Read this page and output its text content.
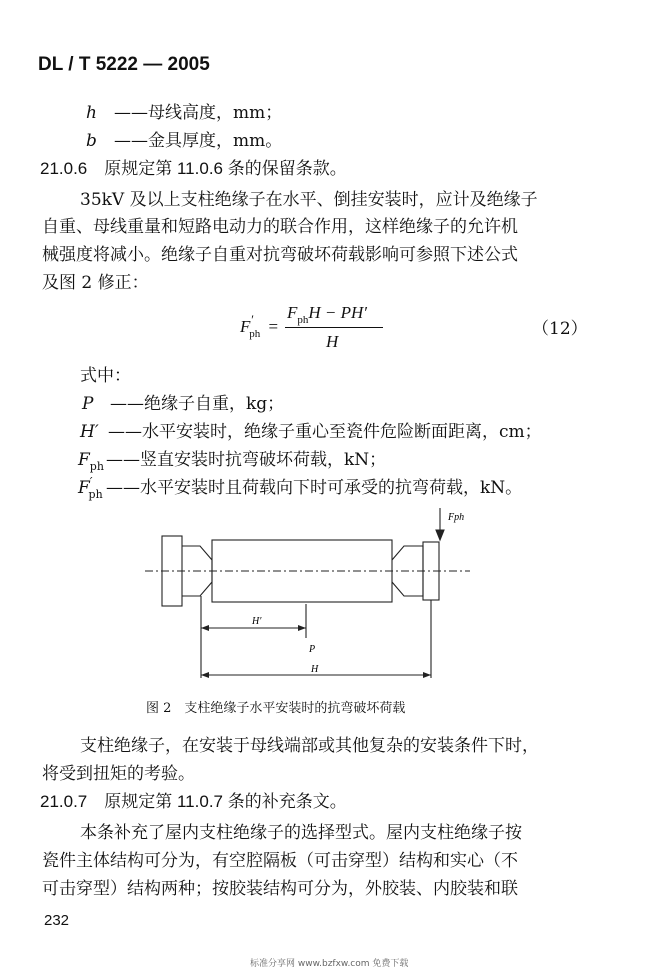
DL / T 5222 — 2005
h ——母线高度，mm；
b ——金具厚度，mm。
21.0.6　原规定第 11.0.6 条的保留条款。
35kV 及以上支柱绝缘子在水平、倒挂安装时，应计及绝缘子
自重、母线重量和短路电动力的联合作用，这样绝缘子的允许机
械强度将减小。绝缘子自重对抗弯破坏荷载影响可参照下述公式
及图 2 修正：
$F'_{ph}$ =
$F_{ph}H - PH'$
H
（12）
式中：
P ——绝缘子自重，kg；
H′ ——水平安装时，绝缘子重心至瓷件危险断面距离，cm；
$F_{ph}$ ——竖直安装时抗弯破坏荷载，kN；
$F'_{ph}$ ——水平安装时且荷载向下时可承受的抗弯荷载，kN。
Fph
H′
P
H
图 2　支柱绝缘子水平安装时的抗弯破坏荷载
支柱绝缘子，在安装于母线端部或其他复杂的安装条件下时，
将受到扭矩的考验。
21.0.7　原规定第 11.0.7 条的补充条文。
本条补充了屋内支柱绝缘子的选择型式。屋内支柱绝缘子按
瓷件主体结构可分为，有空腔隔板（可击穿型）结构和实心（不
可击穿型）结构两种；按胶装结构可分为，外胶装、内胶装和联
232
标准分享网 www.bzfxw.com 免费下载
